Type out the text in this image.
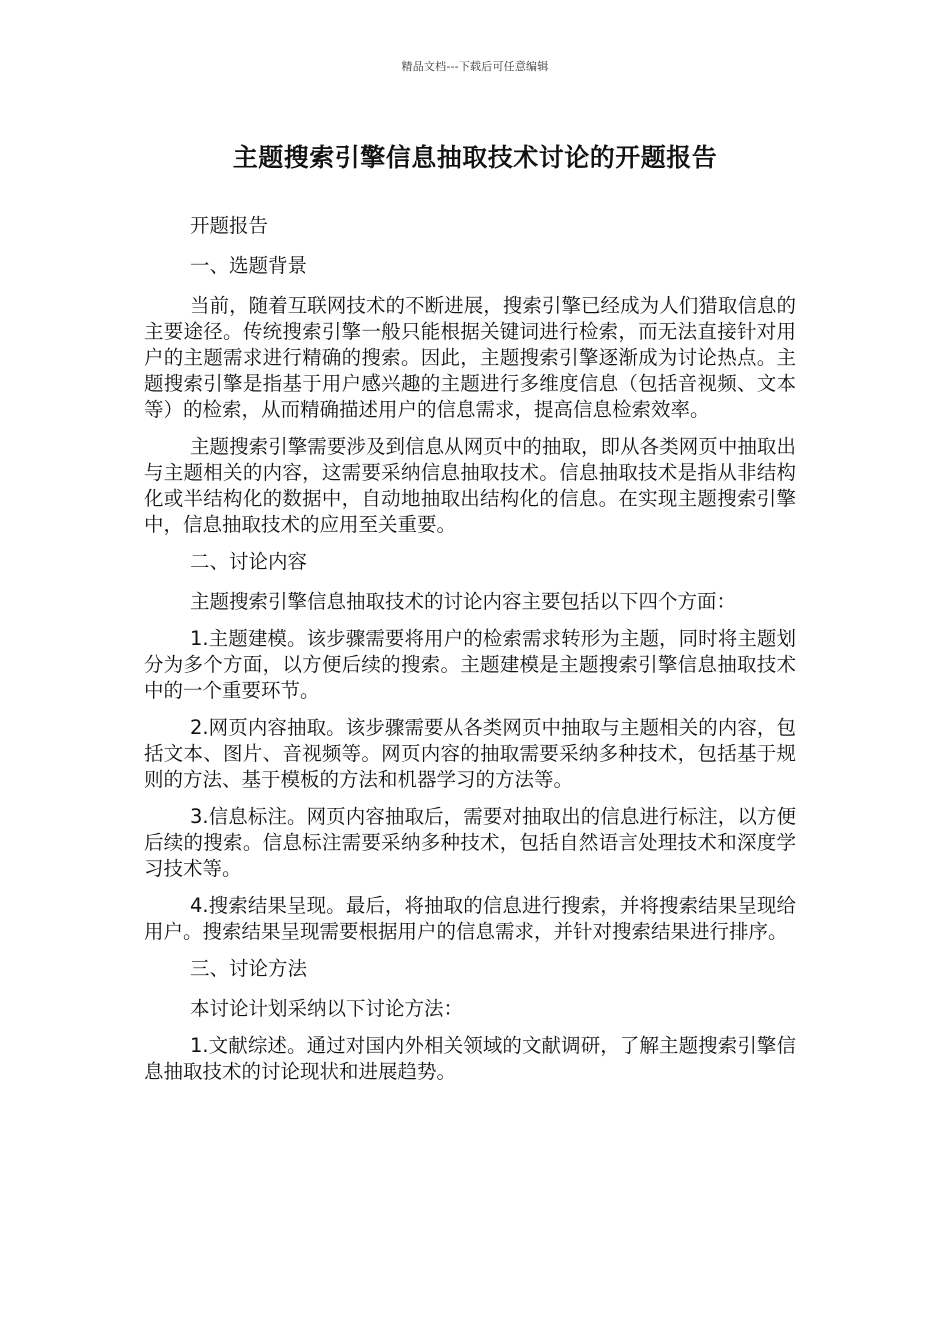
精品文档---下载后可任意编辑
主题搜索引擎信息抽取技术讨论的开题报告

开题报告

一、选题背景

当前，随着互联网技术的不断进展，搜索引擎已经成为人们猎取信息的主要途径。传统搜索引擎一般只能根据关键词进行检索，而无法直接针对用户的主题需求进行精确的搜索。因此，主题搜索引擎逐渐成为讨论热点。主题搜索引擎是指基于用户感兴趣的主题进行多维度信息（包括音视频、文本等）的检索，从而精确描述用户的信息需求，提高信息检索效率。

主题搜索引擎需要涉及到信息从网页中的抽取，即从各类网页中抽取出与主题相关的内容，这需要采纳信息抽取技术。信息抽取技术是指从非结构化或半结构化的数据中，自动地抽取出结构化的信息。在实现主题搜索引擎中，信息抽取技术的应用至关重要。

二、讨论内容

主题搜索引擎信息抽取技术的讨论内容主要包括以下四个方面：

1.主题建模。该步骤需要将用户的检索需求转形为主题，同时将主题划分为多个方面，以方便后续的搜索。主题建模是主题搜索引擎信息抽取技术中的一个重要环节。

2.网页内容抽取。该步骤需要从各类网页中抽取与主题相关的内容，包括文本、图片、音视频等。网页内容的抽取需要采纳多种技术，包括基于规则的方法、基于模板的方法和机器学习的方法等。

3.信息标注。网页内容抽取后，需要对抽取出的信息进行标注，以方便后续的搜索。信息标注需要采纳多种技术，包括自然语言处理技术和深度学习技术等。

4.搜索结果呈现。最后，将抽取的信息进行搜索，并将搜索结果呈现给用户。搜索结果呈现需要根据用户的信息需求，并针对搜索结果进行排序。

三、讨论方法

本讨论计划采纳以下讨论方法：

1.文献综述。通过对国内外相关领域的文献调研，了解主题搜索引擎信息抽取技术的讨论现状和进展趋势。
